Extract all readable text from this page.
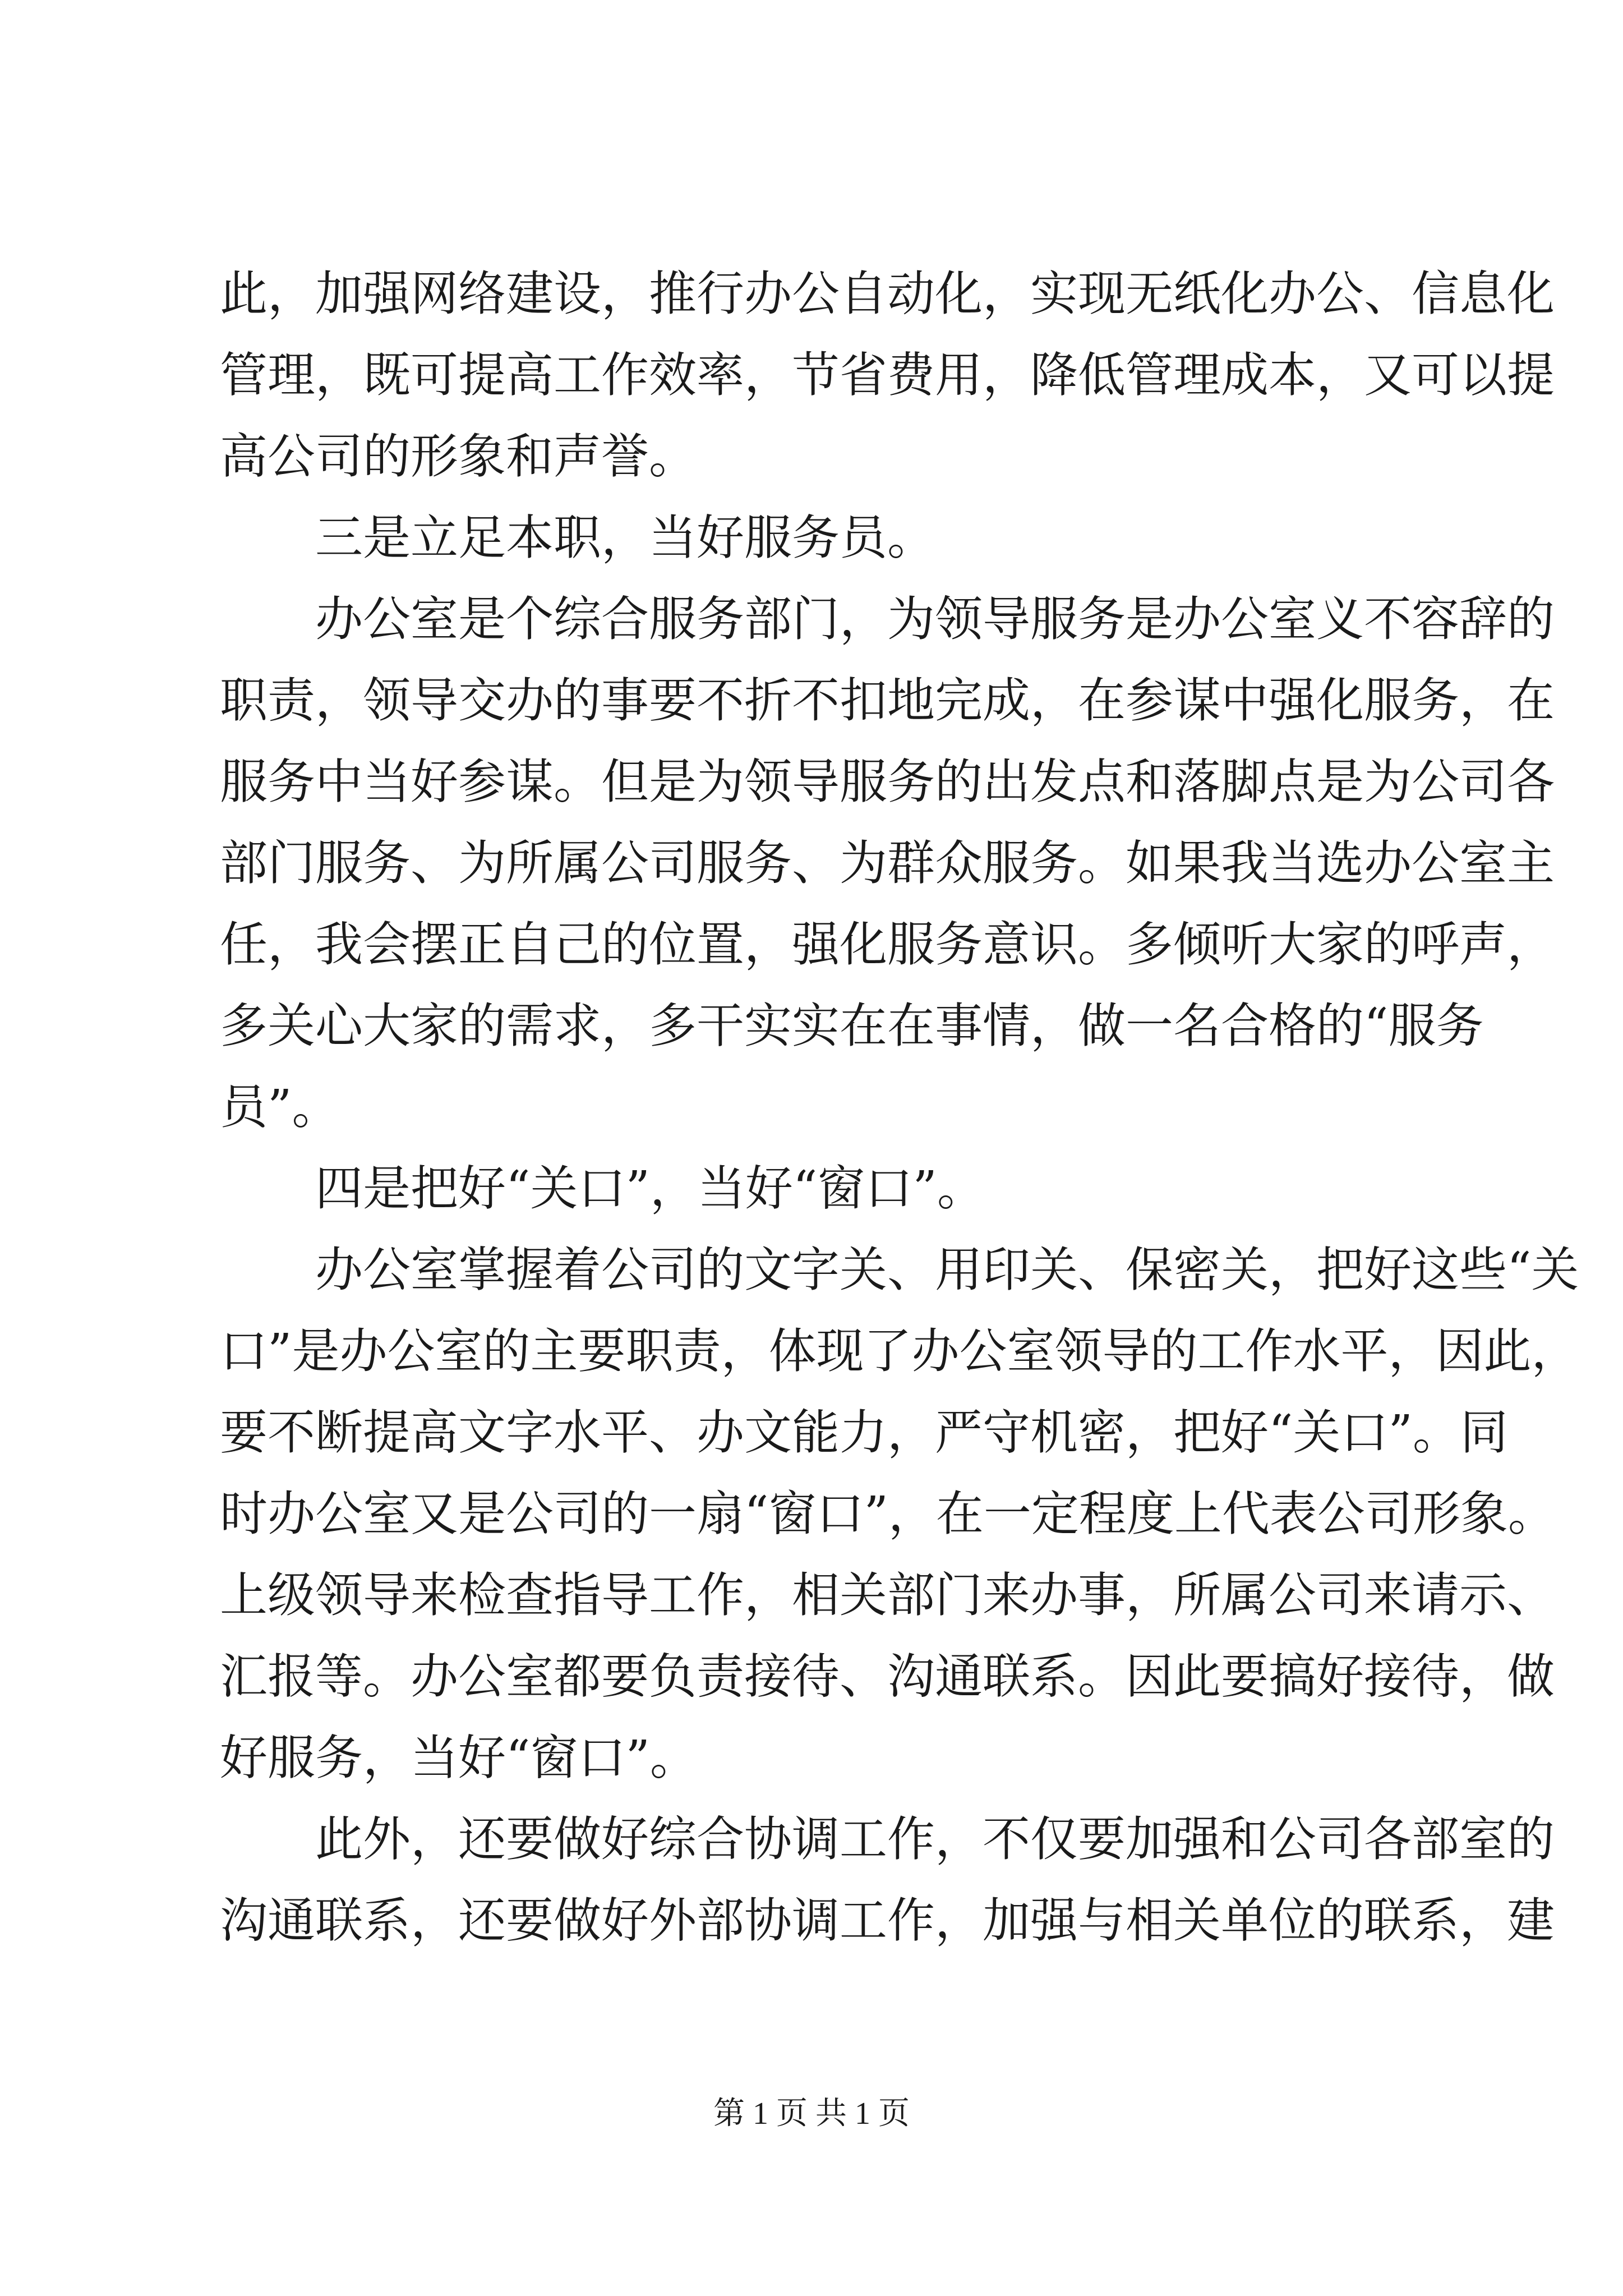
此，加强网络建设，推行办公自动化，实现无纸化办公、信息化
管理，既可提高工作效率，节省费用，降低管理成本，又可以提
高公司的形象和声誉。
　　三是立足本职，当好服务员。
　　办公室是个综合服务部门，为领导服务是办公室义不容辞的
职责，领导交办的事要不折不扣地完成，在参谋中强化服务，在
服务中当好参谋。但是为领导服务的出发点和落脚点是为公司各
部门服务、为所属公司服务、为群众服务。如果我当选办公室主
任，我会摆正自己的位置，强化服务意识。多倾听大家的呼声，
多关心大家的需求，多干实实在在事情，做一名合格的“服务
员”。
　　四是把好“关口”，当好“窗口”。
　　办公室掌握着公司的文字关、用印关、保密关，把好这些“关
口”是办公室的主要职责，体现了办公室领导的工作水平，因此，
要不断提高文字水平、办文能力，严守机密，把好“关口”。同
时办公室又是公司的一扇“窗口”，在一定程度上代表公司形象。
上级领导来检查指导工作，相关部门来办事，所属公司来请示、
汇报等。办公室都要负责接待、沟通联系。因此要搞好接待，做
好服务，当好“窗口”。
　　此外，还要做好综合协调工作，不仅要加强和公司各部室的
沟通联系，还要做好外部协调工作，加强与相关单位的联系，建
第 1 页 共 1 页
